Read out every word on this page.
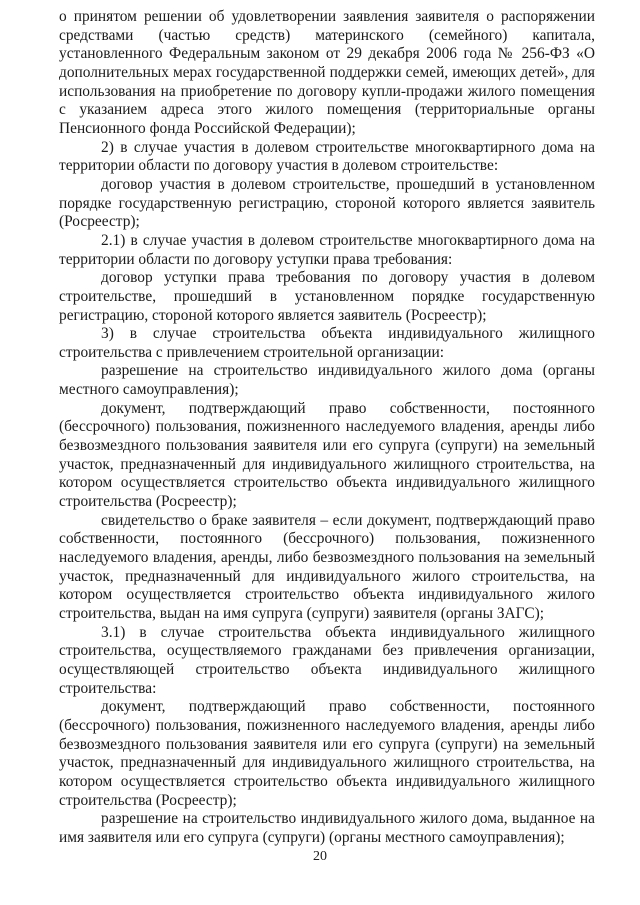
о принятом решении об удовлетворении заявления заявителя о распоряжении средствами (частью средств) материнского (семейного) капитала, установленного Федеральным законом от 29 декабря 2006 года № 256-ФЗ «О дополнительных мерах государственной поддержки семей, имеющих детей», для использования на приобретение по договору купли-продажи жилого помещения с указанием адреса этого жилого помещения (территориальные органы Пенсионного фонда Российской Федерации);

2) в случае участия в долевом строительстве многоквартирного дома на территории области по договору участия в долевом строительстве:

договор участия в долевом строительстве, прошедший в установленном порядке государственную регистрацию, стороной которого является заявитель (Росреестр);

2.1) в случае участия в долевом строительстве многоквартирного дома на территории области по договору уступки права требования:

договор уступки права требования по договору участия в долевом строительстве, прошедший в установленном порядке государственную регистрацию, стороной которого является заявитель (Росреестр);

3) в случае строительства объекта индивидуального жилищного строительства с привлечением строительной организации:

разрешение на строительство индивидуального жилого дома (органы местного самоуправления);

документ, подтверждающий право собственности, постоянного (бессрочного) пользования, пожизненного наследуемого владения, аренды либо безвозмездного пользования заявителя или его супруга (супруги) на земельный участок, предназначенный для индивидуального жилищного строительства, на котором осуществляется строительство объекта индивидуального жилищного строительства (Росреестр);

свидетельство о браке заявителя – если документ, подтверждающий право собственности, постоянного (бессрочного) пользования, пожизненного наследуемого владения, аренды, либо безвозмездного пользования на земельный участок, предназначенный для индивидуального жилого строительства, на котором осуществляется строительство объекта индивидуального жилого строительства, выдан на имя супруга (супруги) заявителя (органы ЗАГС);

3.1) в случае строительства объекта индивидуального жилищного строительства, осуществляемого гражданами без привлечения организации, осуществляющей строительство объекта индивидуального жилищного строительства:

документ, подтверждающий право собственности, постоянного (бессрочного) пользования, пожизненного наследуемого владения, аренды либо безвозмездного пользования заявителя или его супруга (супруги) на земельный участок, предназначенный для индивидуального жилищного строительства, на котором осуществляется строительство объекта индивидуального жилищного строительства (Росреестр);

разрешение на строительство индивидуального жилого дома, выданное на имя заявителя или его супруга (супруги) (органы местного самоуправления);

20
